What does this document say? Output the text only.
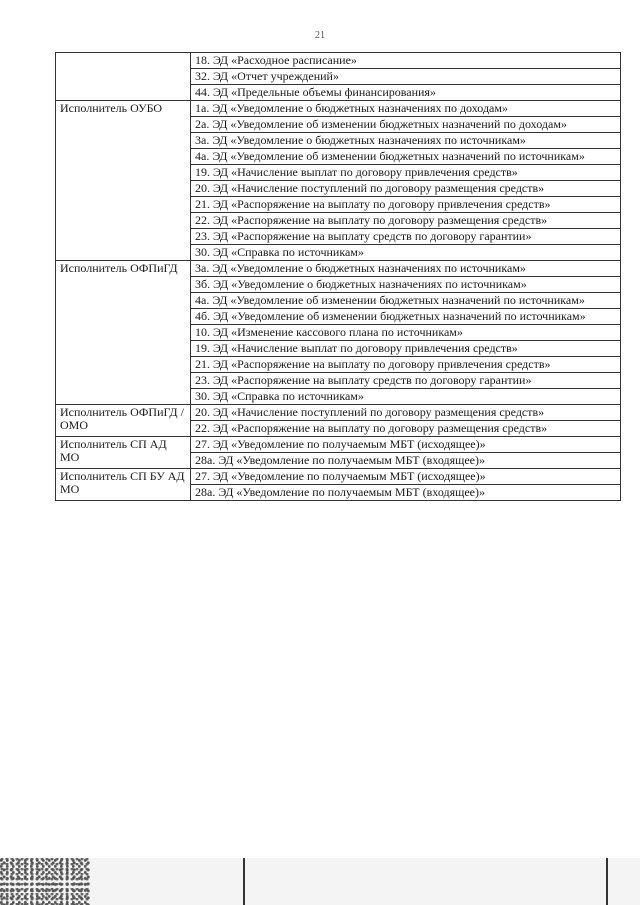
21
	18. ЭД «Расходное расписание»
	32. ЭД «Отчет учреждений»
	44. ЭД «Предельные объемы финансирования»
Исполнитель ОУБО	1а. ЭД «Уведомление о бюджетных назначениях по доходам»
	2а. ЭД «Уведомление об изменении бюджетных назначений по доходам»
	3а. ЭД «Уведомление о бюджетных назначениях по источникам»
	4а. ЭД «Уведомление об изменении бюджетных назначений по источникам»
	19. ЭД «Начисление выплат по договору привлечения средств»
	20. ЭД «Начисление поступлений по договору размещения средств»
	21. ЭД «Распоряжение на выплату по договору привлечения средств»
	22. ЭД «Распоряжение на выплату по договору размещения средств»
	23. ЭД «Распоряжение на выплату средств по договору гарантии»
	30. ЭД «Справка по источникам»
Исполнитель ОФПиГД	3а. ЭД «Уведомление о бюджетных назначениях по источникам»
	3б. ЭД «Уведомление о бюджетных назначениях по источникам»
	4а. ЭД «Уведомление об изменении бюджетных назначений по источникам»
	4б. ЭД «Уведомление об изменении бюджетных назначений по источникам»
	10. ЭД «Изменение кассового плана по источникам»
	19. ЭД «Начисление выплат по договору привлечения средств»
	21. ЭД «Распоряжение на выплату по договору привлечения средств»
	23. ЭД «Распоряжение на выплату средств по договору гарантии»
	30. ЭД «Справка по источникам»
Исполнитель ОФПиГД / ОМО	20. ЭД «Начисление поступлений по договору размещения средств»
	22. ЭД «Распоряжение на выплату по договору размещения средств»
Исполнитель СП АД МО	27. ЭД «Уведомление по получаемым МБТ (исходящее)»
	28а. ЭД «Уведомление по получаемым МБТ (входящее)»
Исполнитель СП БУ АД МО	27. ЭД «Уведомление по получаемым МБТ (исходящее)»
	28а. ЭД «Уведомление по получаемым МБТ (входящее)»
